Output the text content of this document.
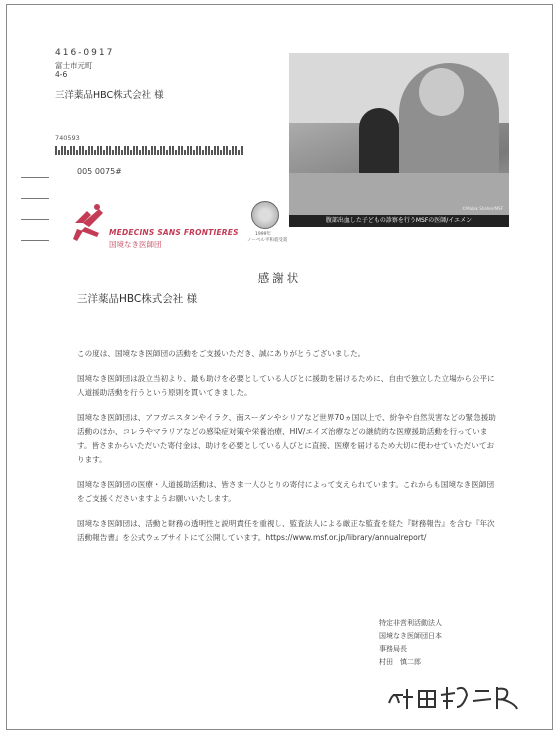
416-0917
富士市元町
4-6
三洋薬品HBC株式会社 様
740593
005 0075#
©Malak Shaher/MSF
腹部出血した子どもの診察を行うMSFの医師/イエメン
MEDECINS SANS FRONTIERES
国境なき医師団
1999年
ノーベル平和賞受賞
感謝状
三洋薬品HBC株式会社 様

この度は、国境なき医師団の活動をご支援いただき、誠にありがとうございました。

国境なき医師団は設立当初より、最も助けを必要としている人びとに援助を届けるために、自由で独立した立場から公平に人道援助活動を行うという原則を貫いてきました。

国境なき医師団は、アフガニスタンやイラク、南スーダンやシリアなど世界70ヵ国以上で、紛争や自然災害などの緊急援助活動のほか、コレラやマラリアなどの感染症対策や栄養治療、HIV/エイズ治療などの継続的な医療援助活動を行っています。皆さまからいただいた寄付金は、助けを必要としている人びとに直接、医療を届けるため大切に使わせていただいております。

国境なき医師団の医療・人道援助活動は、皆さま一人ひとりの寄付によって支えられています。これからも国境なき医師団をご支援くださいますようお願いいたします。

国境なき医師団は、活動と財務の透明性と説明責任を重視し、監査法人による厳正な監査を経た『財務報告』を含む『年次活動報告書』を公式ウェブサイトにて公開しています。https://www.msf.or.jp/library/annualreport/

特定非営利活動法人
国境なき医師団日本
事務局長
村田　慎二郎
